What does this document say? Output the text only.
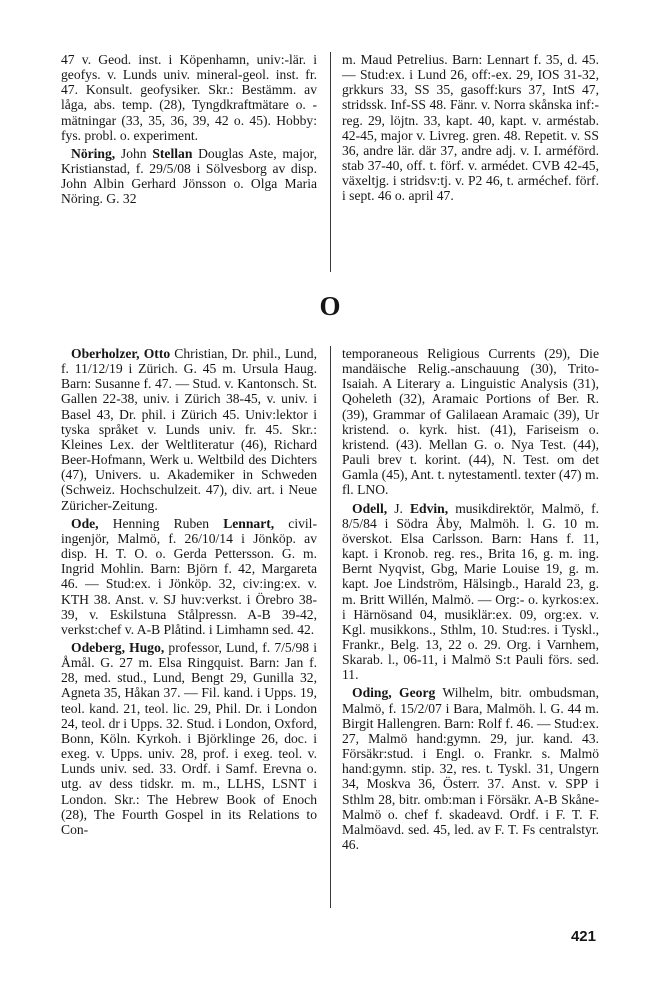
47 v. Geod. inst. i Köpenhamn, univ:-lär. i geofys. v. Lunds univ. mineral-geol. inst. fr. 47. Konsult. geofysiker. Skr.: Bestämm. av låga, abs. temp. (28), Tyngdkraftmätare o. -mätningar (33, 35, 36, 39, 42 o. 45). Hobby: fys. probl. o. experiment.

Nöring, John Stellan Douglas Aste, major, Kristianstad, f. 29/5/08 i Sölvesborg av disp. John Albin Gerhard Jönsson o. Olga Maria Nöring. G. 32

m. Maud Petrelius. Barn: Lennart f. 35, d. 45. — Stud:ex. i Lund 26, off:-ex. 29, IOS 31-32, grkkurs 33, SS 35, gasoff:kurs 37, IntS 47, stridssk. Inf-SS 48. Fänr. v. Norra skånska inf:-reg. 29, löjtn. 33, kapt. 40, kapt. v. arméstab. 42-45, major v. Livreg. gren. 48. Repetit. v. SS 36, andre lär. där 37, andre adj. v. I. arméförd. stab 37-40, off. t. förf. v. armédet. CVB 42-45, växeltjg. i stridsv:tj. v. P2 46, t. arméchef. förf. i sept. 46 o. april 47.

O

Oberholzer, Otto Christian, Dr. phil., Lund, f. 11/12/19 i Zürich. G. 45 m. Ursula Haug. Barn: Susanne f. 47. — Stud. v. Kantonsch. St. Gallen 22-38, univ. i Zürich 38-45, v. univ. i Basel 43, Dr. phil. i Zürich 45. Univ:lektor i tyska språket v. Lunds univ. fr. 45. Skr.: Kleines Lex. der Weltliteratur (46), Richard Beer-Hofmann, Werk u. Weltbild des Dichters (47), Univers. u. Akademiker in Schweden (Schweiz. Hochschulzeit. 47), div. art. i Neue Züricher-Zeitung.

Ode, Henning Ruben Lennart, civil-ingenjör, Malmö, f. 26/10/14 i Jönköp. av disp. H. T. O. o. Gerda Pettersson. G. m. Ingrid Mohlin. Barn: Björn f. 42, Margareta 46. — Stud:ex. i Jönköp. 32, civ:ing:ex. v. KTH 38. Anst. v. SJ huv:verkst. i Örebro 38-39, v. Eskilstuna Stålpressn. A-B 39-42, verkst:chef v. A-B Plåtind. i Limhamn sed. 42.

Odeberg, Hugo, professor, Lund, f. 7/5/98 i Åmål. G. 27 m. Elsa Ringquist. Barn: Jan f. 28, med. stud., Lund, Bengt 29, Gunilla 32, Agneta 35, Håkan 37. — Fil. kand. i Upps. 19, teol. kand. 21, teol. lic. 29, Phil. Dr. i London 24, teol. dr i Upps. 32. Stud. i London, Oxford, Bonn, Köln. Kyrkoh. i Björklinge 26, doc. i exeg. v. Upps. univ. 28, prof. i exeg. teol. v. Lunds univ. sed. 33. Ordf. i Samf. Erevna o. utg. av dess tidskr. m. m., LLHS, LSNT i London. Skr.: The Hebrew Book of Enoch (28), The Fourth Gospel in its Relations to Con-

temporaneous Religious Currents (29), Die mandäische Relig.-anschauung (30), Trito-Isaiah. A Literary a. Linguistic Analysis (31), Qoheleth (32), Aramaic Portions of Ber. R. (39), Grammar of Galilaean Aramaic (39), Ur kristend. o. kyrk. hist. (41), Fariseism o. kristend. (43). Mellan G. o. Nya Test. (44), Pauli brev t. korint. (44), N. Test. om det Gamla (45), Ant. t. nytestamentl. texter (47) m. fl. LNO.

Odell, J. Edvin, musikdirektör, Malmö, f. 8/5/84 i Södra Åby, Malmöh. l. G. 10 m. överskot. Elsa Carlsson. Barn: Hans f. 11, kapt. i Kronob. reg. res., Brita 16, g. m. ing. Bernt Nyqvist, Gbg, Marie Louise 19, g. m. kapt. Joe Lindström, Hälsingb., Harald 23, g. m. Britt Willén, Malmö. — Org:- o. kyrkos:ex. i Härnösand 04, musiklär:ex. 09, org:ex. v. Kgl. musikkons., Sthlm, 10. Stud:res. i Tyskl., Frankr., Belg. 13, 22 o. 29. Org. i Varnhem, Skarab. l., 06-11, i Malmö S:t Pauli förs. sed. 11.

Oding, Georg Wilhelm, bitr. ombudsman, Malmö, f. 15/2/07 i Bara, Malmöh. l. G. 44 m. Birgit Hallengren. Barn: Rolf f. 46. — Stud:ex. 27, Malmö hand:gymn. 29, jur. kand. 43. Försäkr:stud. i Engl. o. Frankr. s. Malmö hand:gymn. stip. 32, res. t. Tyskl. 31, Ungern 34, Moskva 36, Österr. 37. Anst. v. SPP i Sthlm 28, bitr. omb:man i Försäkr. A-B Skåne-Malmö o. chef f. skadeavd. Ordf. i F. T. F. Malmöavd. sed. 45, led. av F. T. Fs centralstyr. 46.

421
